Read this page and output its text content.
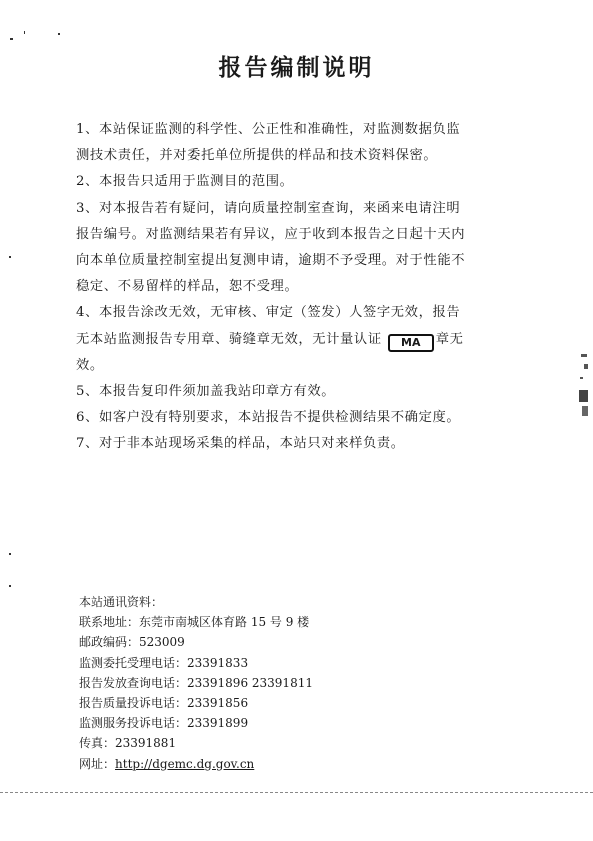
报告编制说明
1、本站保证监测的科学性、公正性和准确性，对监测数据负监
测技术责任，并对委托单位所提供的样品和技术资料保密。
2、本报告只适用于监测目的范围。
3、对本报告若有疑问，请向质量控制室查询，来函来电请注明
报告编号。对监测结果若有异议，应于收到本报告之日起十天内
向本单位质量控制室提出复测申请，逾期不予受理。对于性能不
稳定、不易留样的样品，恕不受理。
4、本报告涂改无效，无审核、审定（签发）人签字无效，报告
无本站监测报告专用章、骑缝章无效，无计量认证 MA 章无
效。
5、本报告复印件须加盖我站印章方有效。
6、如客户没有特别要求，本站报告不提供检测结果不确定度。
7、对于非本站现场采集的样品，本站只对来样负责。
本站通讯资料：
联系地址：东莞市南城区体育路 15 号 9 楼
邮政编码：523009
监测委托受理电话：23391833
报告发放查询电话：23391896 23391811
报告质量投诉电话：23391856
监测服务投诉电话：23391899
传真：23391881
网址：http://dgemc.dg.gov.cn
